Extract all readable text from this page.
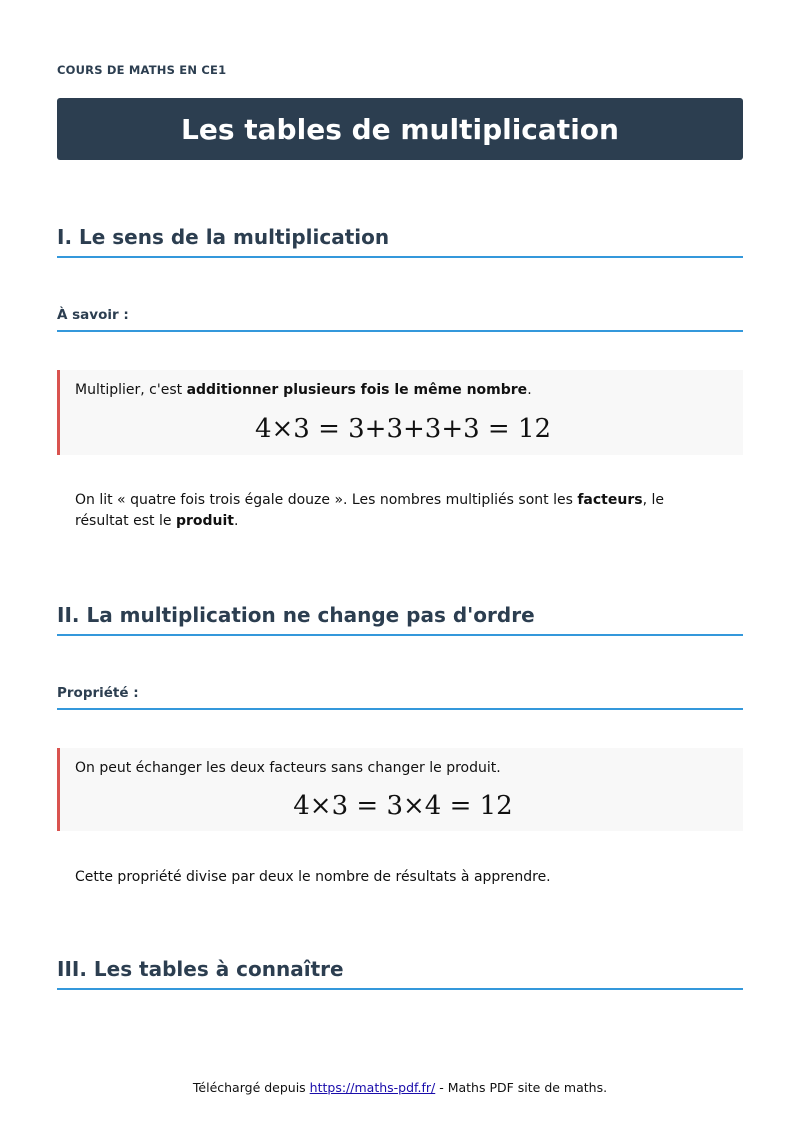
COURS DE MATHS EN CE1
Les tables de multiplication
I. Le sens de la multiplication
À savoir :
Multiplier, c'est additionner plusieurs fois le même nombre.
4×3 = 3+3+3+3 = 12
On lit « quatre fois trois égale douze ». Les nombres multipliés sont les facteurs, le résultat est le produit.
II. La multiplication ne change pas d'ordre
Propriété :
On peut échanger les deux facteurs sans changer le produit.
4×3 = 3×4 = 12
Cette propriété divise par deux le nombre de résultats à apprendre.
III. Les tables à connaître
Téléchargé depuis https://maths-pdf.fr/ - Maths PDF site de maths.
